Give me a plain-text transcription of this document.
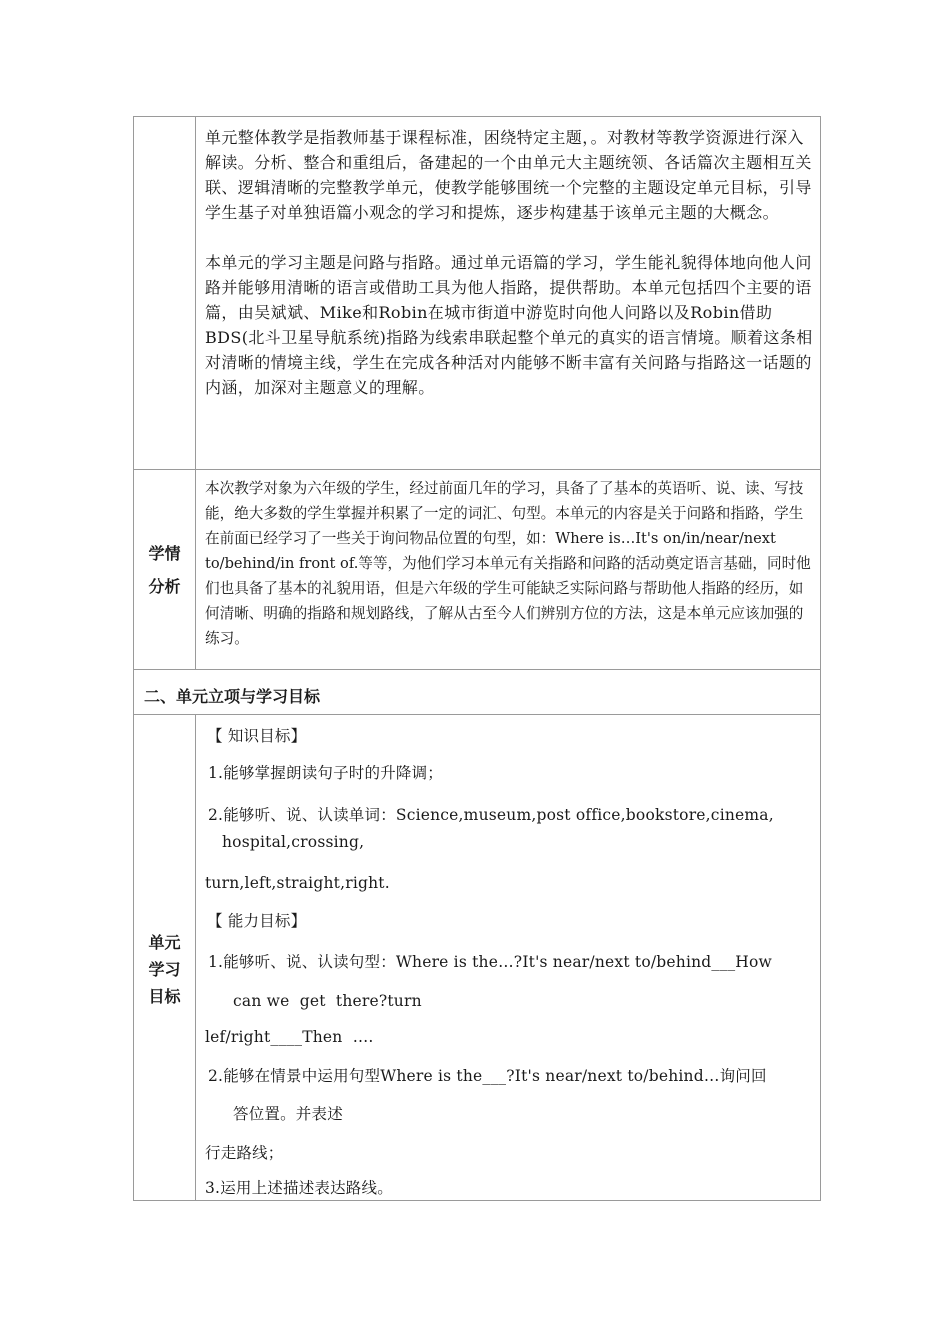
单元整体教学是指教师基于课程标准，困绕特定主题，。对教材等教学资源进行深入解读。分析、整合和重组后，备建起的一个由单元大主题统领、各话篇次主题相互关联、逻辑清晰的完整教学单元，使教学能够围统一个完整的主题设定单元目标，引导学生基子对单独语篇小观念的学习和提炼，逐步构建基于该单元主题的大概念。

本单元的学习主题是问路与指路。通过单元语篇的学习，学生能礼貌得体地向他人问路并能够用清晰的语言或借助工具为他人指路，提供帮助。本单元包括四个主要的语篇，由吴斌斌、Mike和Robin在城市街道中游览时向他人问路以及Robin借助BDS(北斗卫星导航系统)指路为线索串联起整个单元的真实的语言情境。顺着这条相对清晰的情境主线，学生在完成各种活对内能够不断丰富有关问路与指路这一话题的内涵，加深对主题意义的理解。

学情
分析

本次教学对象为六年级的学生，经过前面几年的学习，具备了了基本的英语听、说、读、写技能，绝大多数的学生掌握并积累了一定的词汇、句型。本单元的内容是关于问路和指路，学生在前面已经学习了一些关于询问物品位置的句型，如：Where is…It's on/in/near/next to/behind/in front of.等等，为他们学习本单元有关指路和问路的活动奠定语言基础，同时他们也具备了基本的礼貌用语，但是六年级的学生可能缺乏实际问路与帮助他人指路的经历，如何清晰、明确的指路和规划路线，了解从古至今人们辨别方位的方法，这是本单元应该加强的练习。

二、单元立项与学习目标
单元
学习
目标
【 知识目标】
1.能够掌握朗读句子时的升降调；
2.能够听、说、认读单词：Science,museum,post office,bookstore,cinema,
hospital,crossing,
turn,left,straight,right.
【 能力目标】
1.能够听、说、认读句型：Where is the…?It's near/next to/behind___How
can we  get  there?turn
lef/right____Then  ….
2.能够在情景中运用句型Where is the___?It's near/next to/behind…询问回
答位置。并表述
行走路线；
3.运用上述描述表达路线。
